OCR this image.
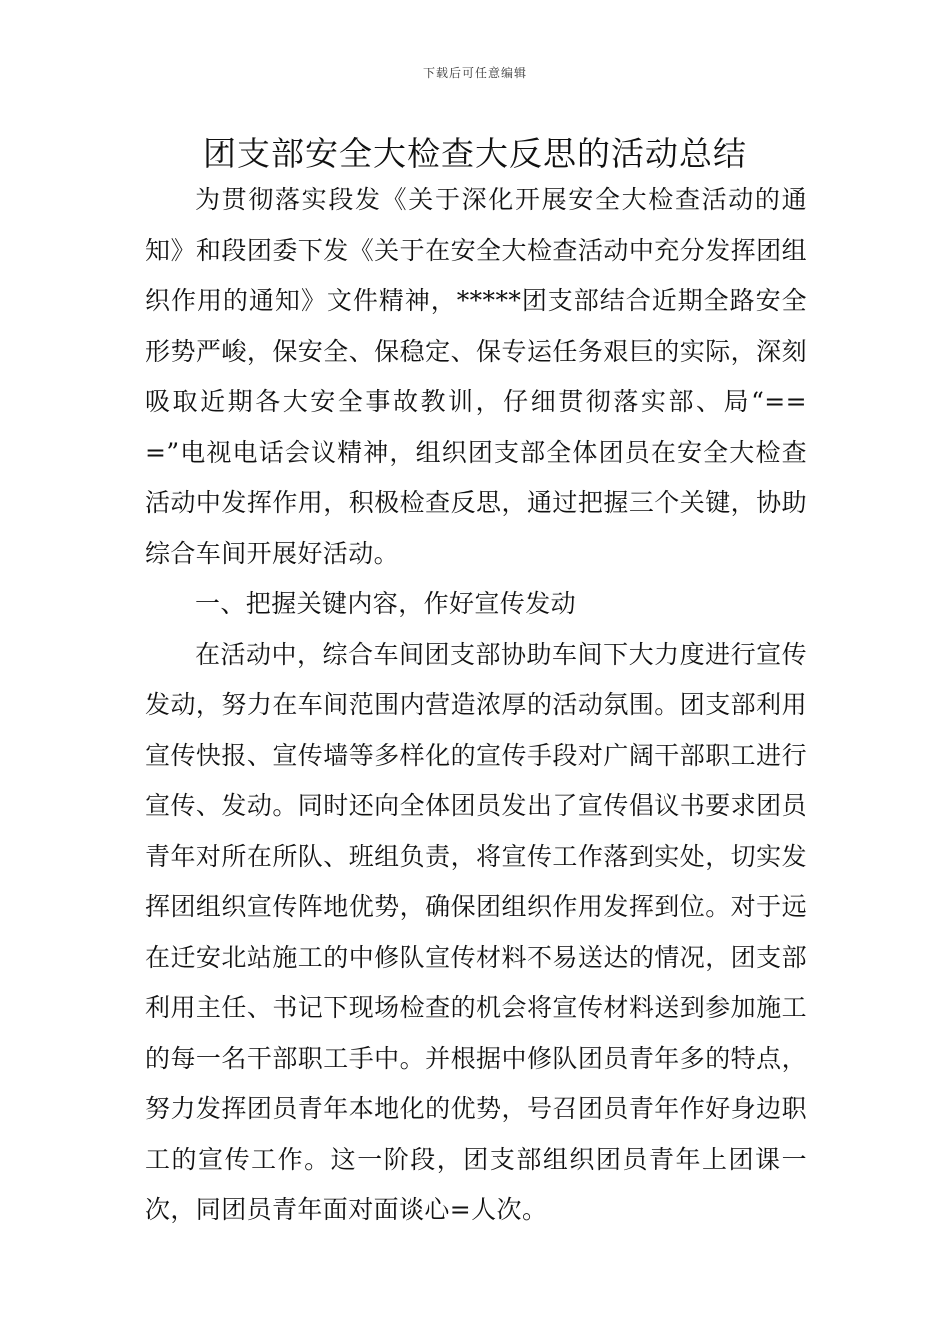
下载后可任意编辑
团支部安全大检查大反思的活动总结

为贯彻落实段发《关于深化开展安全大检查活动的通知》和段团委下发《关于在安全大检查活动中充分发挥团组织作用的通知》文件精神，*****团支部结合近期全路安全形势严峻，保安全、保稳定、保专运任务艰巨的实际，深刻吸取近期各大安全事故教训，仔细贯彻落实部、局“===”电视电话会议精神，组织团支部全体团员在安全大检查活动中发挥作用，积极检查反思，通过把握三个关键，协助综合车间开展好活动。

一、把握关键内容，作好宣传发动

在活动中，综合车间团支部协助车间下大力度进行宣传发动，努力在车间范围内营造浓厚的活动氛围。团支部利用宣传快报、宣传墙等多样化的宣传手段对广阔干部职工进行宣传、发动。同时还向全体团员发出了宣传倡议书要求团员青年对所在所队、班组负责，将宣传工作落到实处，切实发挥团组织宣传阵地优势，确保团组织作用发挥到位。对于远在迁安北站施工的中修队宣传材料不易送达的情况，团支部利用主任、书记下现场检查的机会将宣传材料送到参加施工的每一名干部职工手中。并根据中修队团员青年多的特点，努力发挥团员青年本地化的优势，号召团员青年作好身边职工的宣传工作。这一阶段，团支部组织团员青年上团课一次，同团员青年面对面谈心=人次。
